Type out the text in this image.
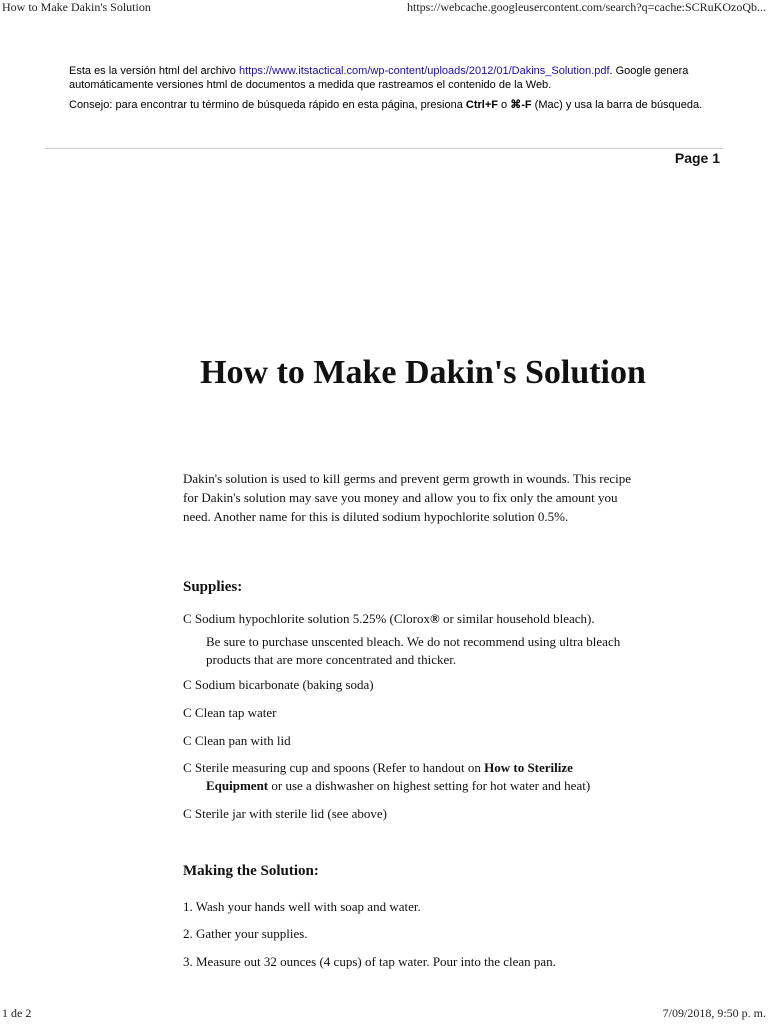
How to Make Dakin's Solution	https://webcache.googleusercontent.com/search?q=cache:SCRuKOzoQb...

Esta es la versión html del archivo https://www.itstactical.com/wp-content/uploads/2012/01/Dakins_Solution.pdf. Google genera automáticamente versiones html de documentos a medida que rastreamos el contenido de la Web.

Consejo: para encontrar tu término de búsqueda rápido en esta página, presiona Ctrl+F o ⌘-F (Mac) y usa la barra de búsqueda.

Page 1
How to Make Dakin's Solution

Dakin's solution is used to kill germs and prevent germ growth in wounds. This recipe for Dakin's solution may save you money and allow you to fix only the amount you need. Another name for this is diluted sodium hypochlorite solution 0.5%.

Supplies:

C Sodium hypochlorite solution 5.25% (Clorox® or similar household bleach).

Be sure to purchase unscented bleach. We do not recommend using ultra bleach products that are more concentrated and thicker.

C Sodium bicarbonate (baking soda)

C Clean tap water

C Clean pan with lid

C Sterile measuring cup and spoons (Refer to handout on How to Sterilize
Equipment or use a dishwasher on highest setting for hot water and heat)

C Sterile jar with sterile lid (see above)

Making the Solution:

1. Wash your hands well with soap and water.

2. Gather your supplies.

3. Measure out 32 ounces (4 cups) of tap water. Pour into the clean pan.

1 de 2	7/09/2018, 9:50 p. m.
